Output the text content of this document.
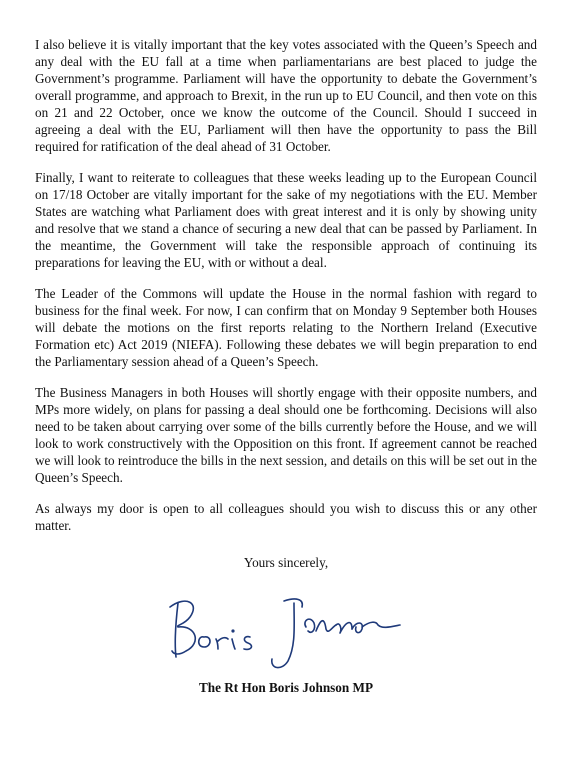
I also believe it is vitally important that the key votes associated with the Queen’s Speech and any deal with the EU fall at a time when parliamentarians are best placed to judge the Government’s programme. Parliament will have the opportunity to debate the Government’s overall programme, and approach to Brexit, in the run up to EU Council, and then vote on this on 21 and 22 October, once we know the outcome of the Council. Should I succeed in agreeing a deal with the EU, Parliament will then have the opportunity to pass the Bill required for ratification of the deal ahead of 31 October.

Finally, I want to reiterate to colleagues that these weeks leading up to the European Council on 17/18 October are vitally important for the sake of my negotiations with the EU. Member States are watching what Parliament does with great interest and it is only by showing unity and resolve that we stand a chance of securing a new deal that can be passed by Parliament. In the meantime, the Government will take the responsible approach of continuing its preparations for leaving the EU, with or without a deal.

The Leader of the Commons will update the House in the normal fashion with regard to business for the final week. For now, I can confirm that on Monday 9 September both Houses will debate the motions on the first reports relating to the Northern Ireland (Executive Formation etc) Act 2019 (NIEFA). Following these debates we will begin preparation to end the Parliamentary session ahead of a Queen’s Speech.

The Business Managers in both Houses will shortly engage with their opposite numbers, and MPs more widely, on plans for passing a deal should one be forthcoming. Decisions will also need to be taken about carrying over some of the bills currently before the House, and we will look to work constructively with the Opposition on this front. If agreement cannot be reached we will look to reintroduce the bills in the next session, and details on this will be set out in the Queen’s Speech.

As always my door is open to all colleagues should you wish to discuss this or any other matter.

Yours sincerely,

The Rt Hon Boris Johnson MP
